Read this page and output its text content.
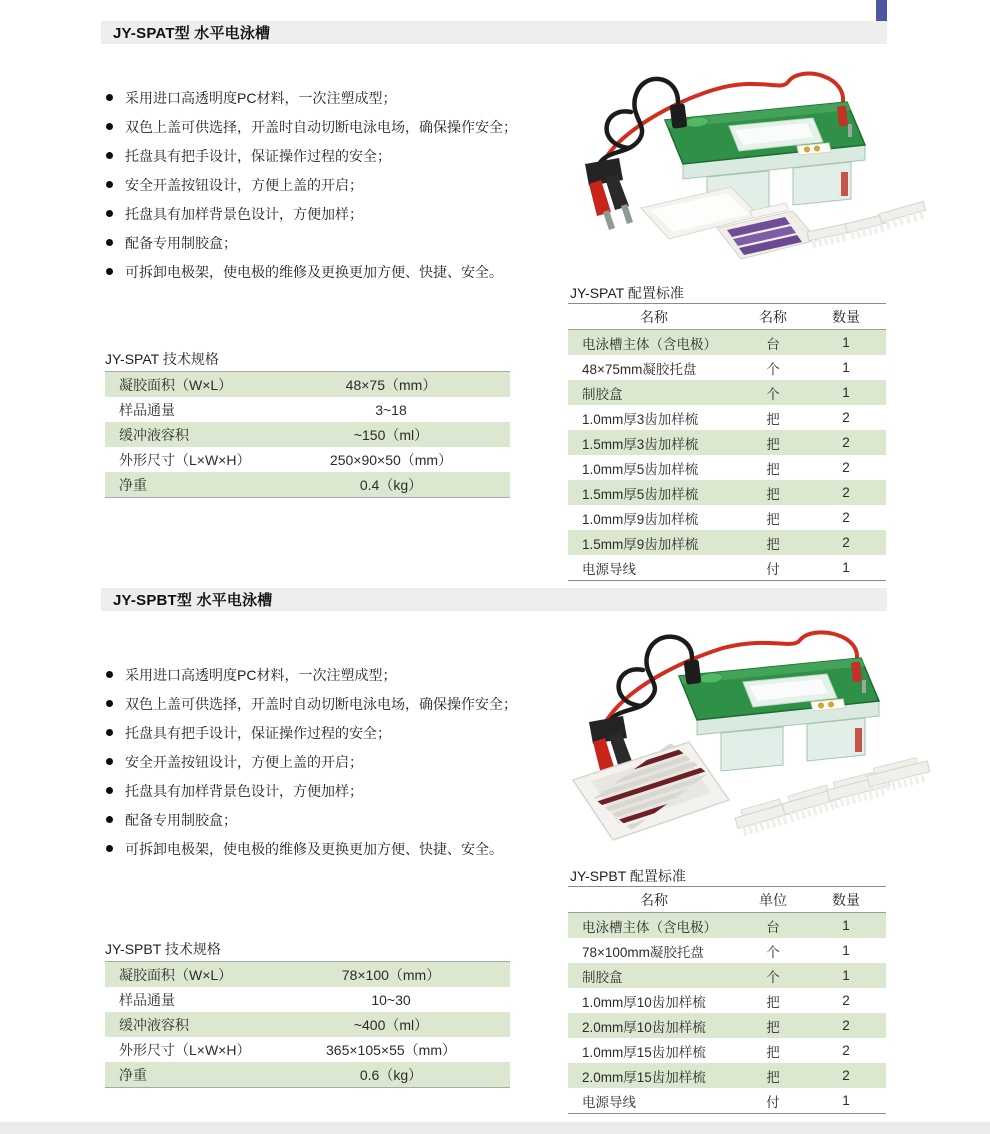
JY-SPAT型 水平电泳槽
采用进口高透明度PC材料，一次注塑成型；
双色上盖可供选择，开盖时自动切断电泳电场，确保操作安全；
托盘具有把手设计，保证操作过程的安全；
安全开盖按钮设计，方便上盖的开启；
托盘具有加样背景色设计，方便加样；
配备专用制胶盒；
可拆卸电极架，使电极的维修及更换更加方便、快捷、安全。
JY-SPAT 配置标准
名称	名称	数量
电泳槽主体（含电极）	台	1
48×75mm凝胶托盘	个	1
制胶盒	个	1
1.0mm厚3齿加样梳	把	2
1.5mm厚3齿加样梳	把	2
1.0mm厚5齿加样梳	把	2
1.5mm厚5齿加样梳	把	2
1.0mm厚9齿加样梳	把	2
1.5mm厚9齿加样梳	把	2
电源导线	付	1
JY-SPAT 技术规格
凝胶面积（W×L）	48×75（mm）
样品通量	3~18
缓冲液容积	~150（ml）
外形尺寸（L×W×H）	250×90×50（mm）
净重	0.4（kg）
JY-SPBT型 水平电泳槽
采用进口高透明度PC材料，一次注塑成型；
双色上盖可供选择，开盖时自动切断电泳电场，确保操作安全；
托盘具有把手设计，保证操作过程的安全；
安全开盖按钮设计，方便上盖的开启；
托盘具有加样背景色设计，方便加样；
配备专用制胶盒；
可拆卸电极架，使电极的维修及更换更加方便、快捷、安全。
JY-SPBT 配置标准
名称	单位	数量
电泳槽主体（含电极）	台	1
78×100mm凝胶托盘	个	1
制胶盒	个	1
1.0mm厚10齿加样梳	把	2
2.0mm厚10齿加样梳	把	2
1.0mm厚15齿加样梳	把	2
2.0mm厚15齿加样梳	把	2
电源导线	付	1
JY-SPBT 技术规格
凝胶面积（W×L）	78×100（mm）
样品通量	10~30
缓冲液容积	~400（ml）
外形尺寸（L×W×H）	365×105×55（mm）
净重	0.6（kg）
